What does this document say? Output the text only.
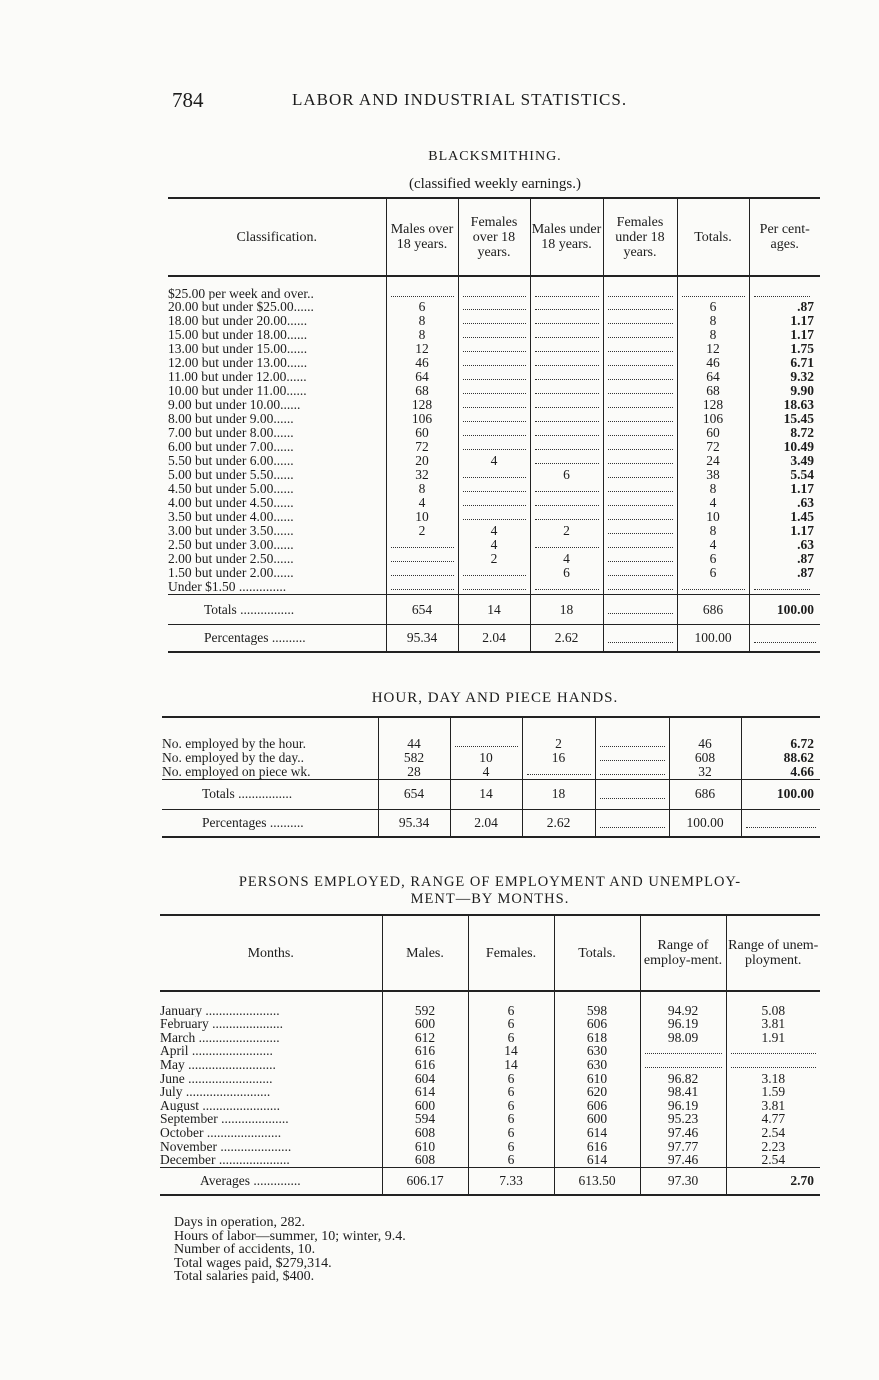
784	LABOR AND INDUSTRIAL STATISTICS.
BLACKSMITHING.
(classified weekly earnings.)
Classification.	Males over 18 years.	Females over 18 years.	Males under 18 years.	Females under 18 years.	Totals.	Per cent-ages.
$25.00 per week and over..	

20.00 but under $25.00......	6				6	.87
18.00 but under 20.00......	8				8	1.17
15.00 but under 18.00......	8				8	1.17
13.00 but under 15.00......	12				12	1.75
12.00 but under 13.00......	46				46	6.71
11.00 but under 12.00......	64				64	9.32
10.00 but under 11.00......	68				68	9.90
9.00 but under 10.00......	128				128	18.63
8.00 but under 9.00......	106				106	15.45
7.00 but under 8.00......	60				60	8.72
6.00 but under 7.00......	72				72	10.49
5.50 but under 6.00......	20	4			24	3.49
5.00 but under 5.50......	32		6		38	5.54
4.50 but under 5.00......	8				8	1.17
4.00 but under 4.50......	4				4	.63
3.50 but under 4.00......	10				10	1.45
3.00 but under 3.50......	2	4	2		8	1.17
2.50 but under 3.00......		4			4	.63
2.00 but under 2.50......		2	4		6	.87
1.50 but under 2.00......			6		6	.87
Under $1.50 ..............	

Totals ................	654	14	18		686	100.00
Percentages ..........	95.34	2.04	2.62		100.00	
HOUR, DAY AND PIECE HANDS.

No. employed by the hour.	44		2		46	6.72
No. employed by the day..	582	10	16		608	88.62
No. employed on piece wk.	28	4			32	4.66
Totals ................	654	14	18		686	100.00
Percentages ..........	95.34	2.04	2.62		100.00	
PERSONS EMPLOYED, RANGE OF EMPLOYMENT AND UNEMPLOY-
MENT—BY MONTHS.
Months.	Males.	Females.	Totals.	Range of employ-ment.	Range of unem-ployment.
January ......................	592	6	598	94.92	5.08
February .....................	600	6	606	96.19	3.81
March ........................	612	6	618	98.09	1.91
April ........................	616	14	630	

May ..........................	616	14	630	

June .........................	604	6	610	96.82	3.18
July .........................	614	6	620	98.41	1.59
August .......................	600	6	606	96.19	3.81
September ....................	594	6	600	95.23	4.77
October ......................	608	6	614	97.46	2.54
November .....................	610	6	616	97.77	2.23
December .....................	608	6	614	97.46	2.54
Averages ..............	606.17	7.33	613.50	97.30	2.70
Days in operation, 282.
Hours of labor—summer, 10; winter, 9.4.
Number of accidents, 10.
Total wages paid, $279,314.
Total salaries paid, $400.
